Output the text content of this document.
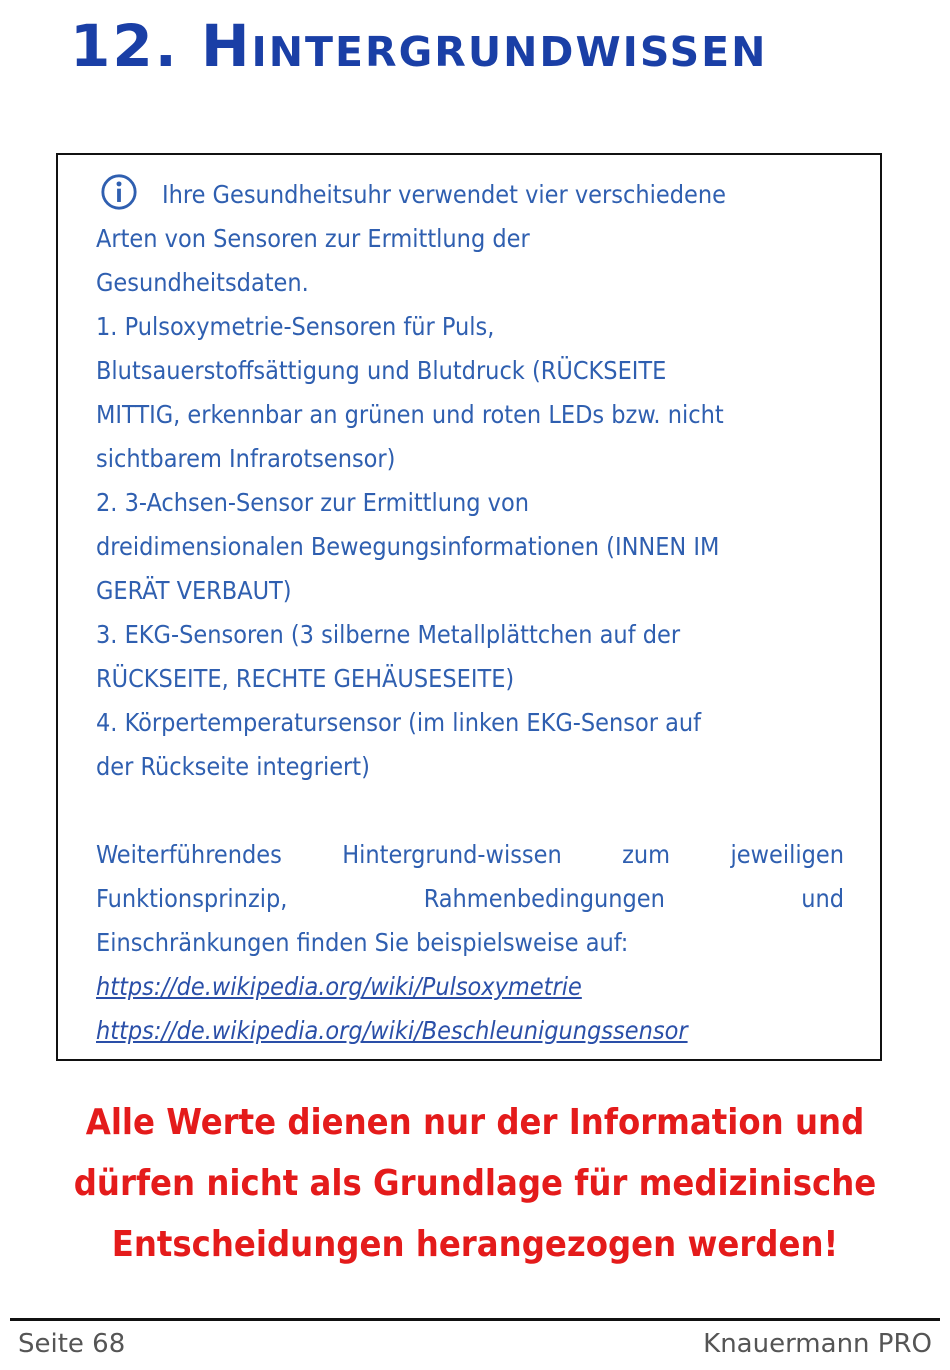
12. Hintergrundwissen
Ihre Gesundheitsuhr verwendet vier verschiedene
Arten von Sensoren zur Ermittlung der
Gesundheitsdaten.
1. Pulsoxymetrie-Sensoren für Puls,
Blutsauerstoffsättigung und Blutdruck (RÜCKSEITE
MITTIG, erkennbar an grünen und roten LEDs bzw. nicht
sichtbarem Infrarotsensor)
2. 3-Achsen-Sensor zur Ermittlung von
dreidimensionalen Bewegungsinformationen (INNEN IM
GERÄT VERBAUT)
3. EKG-Sensoren (3 silberne Metallplättchen auf der
RÜCKSEITE, RECHTE GEHÄUSESEITE)
4. Körpertemperatursensor (im linken EKG-Sensor auf
der Rückseite integriert)
Weiterführendes Hintergrund-wissen zum jeweiligen
Funktionsprinzip,	Rahmenbedingungen	und
Einschränkungen finden Sie beispielsweise auf:
https://de.wikipedia.org/wiki/Pulsoxymetrie
https://de.wikipedia.org/wiki/Beschleunigungssensor
Alle Werte dienen nur der Information und
dürfen nicht als Grundlage für medizinische
Entscheidungen herangezogen werden!
Seite 68	Knauermann PRO
